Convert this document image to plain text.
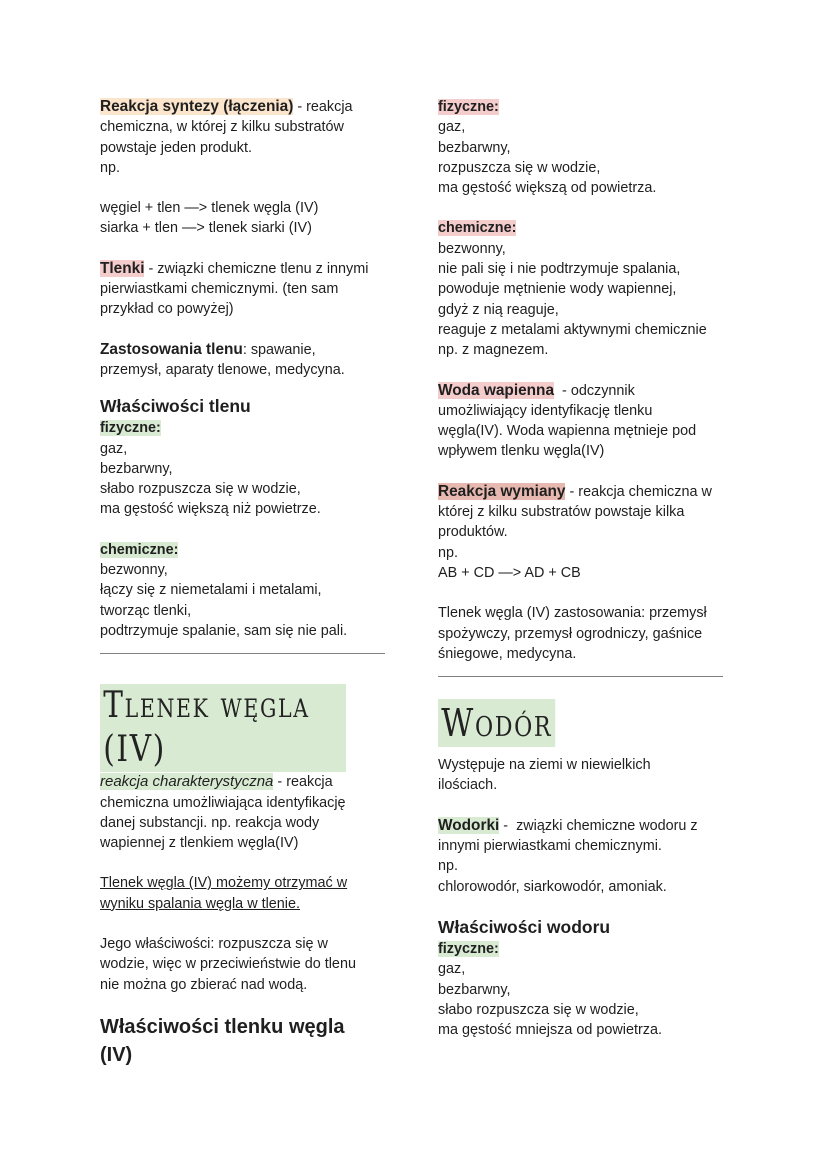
Reakcja syntezy (łączenia) - reakcja

chemiczna, w której z kilku substratów

powstaje jeden produkt.

np.

węgiel + tlen —> tlenek węgla (IV)

siarka + tlen —> tlenek siarki (IV)

Tlenki - związki chemiczne tlenu z innymi

pierwiastkami chemicznymi. (ten sam

przykład co powyżej)

Zastosowania tlenu: spawanie,

przemysł, aparaty tlenowe, medycyna.

Właściwości tlenu

fizyczne:

gaz,

bezbarwny,

słabo rozpuszcza się w wodzie,

ma gęstość większą niż powietrze.

chemiczne:

bezwonny,

łączy się z niemetalami i metalami,

tworząc tlenki,

podtrzymuje spalanie, sam się nie pali.

Tlenek węgla (IV)

reakcja charakterystyczna - reakcja

chemiczna umożliwiająca identyfikację

danej substancji. np. reakcja wody

wapiennej z tlenkiem węgla(IV)

Tlenek węgla (IV) możemy otrzymać w

wyniku spalania węgla w tlenie.

Jego właściwości: rozpuszcza się w

wodzie, więc w przeciwieństwie do tlenu

nie można go zbierać nad wodą.

Właściwości tlenku węgla

(IV)

fizyczne:

gaz,

bezbarwny,

rozpuszcza się w wodzie,

ma gęstość większą od powietrza.

chemiczne:

bezwonny,

nie pali się i nie podtrzymuje spalania,

powoduje mętnienie wody wapiennej,

gdyż z nią reaguje,

reaguje z metalami aktywnymi chemicznie

np. z magnezem.

Woda wapienna  - odczynnik

umożliwiający identyfikację tlenku

węgla(IV). Woda wapienna mętnieje pod

wpływem tlenku węgla(IV)

Reakcja wymiany - reakcja chemiczna w

której z kilku substratów powstaje kilka

produktów.

np.

AB + CD —> AD + CB

Tlenek węgla (IV) zastosowania: przemysł

spożywczy, przemysł ogrodniczy, gaśnice

śniegowe, medycyna.

Wodór

Występuje na ziemi w niewielkich

ilościach.

Wodorki -  związki chemiczne wodoru z

innymi pierwiastkami chemicznymi.

np.

chlorowodór, siarkowodór, amoniak.

Właściwości wodoru

fizyczne:

gaz,

bezbarwny,

słabo rozpuszcza się w wodzie,

ma gęstość mniejsza od powietrza.
